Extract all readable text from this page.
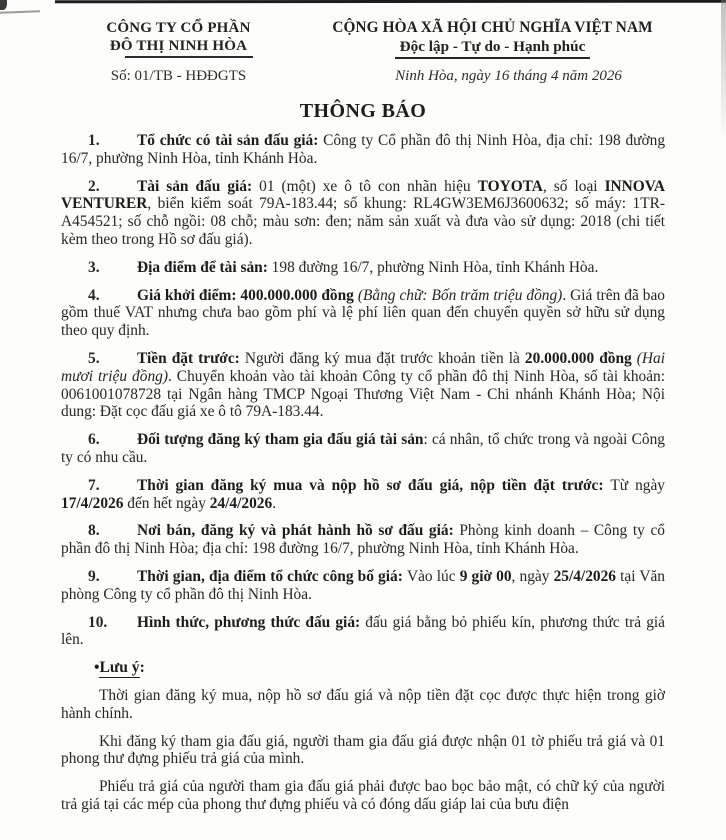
CÔNG TY CỔ PHẦN
ĐÔ THỊ NINH HÒA
Số: 01/TB - HĐĐGTS
CỘNG HÒA XÃ HỘI CHỦ NGHĨA VIỆT NAM
Độc lập - Tự do - Hạnh phúc
Ninh Hòa, ngày 16 tháng 4 năm 2026
THÔNG BÁO

1. Tổ chức có tài sản đấu giá: Công ty Cổ phần đô thị Ninh Hòa, địa chỉ: 198 đường 16/7, phường Ninh Hòa, tỉnh Khánh Hòa.

2. Tài sản đấu giá: 01 (một) xe ô tô con nhãn hiệu TOYOTA, số loại INNOVA VENTURER, biển kiểm soát 79A-183.44; số khung: RL4GW3EM6J3600632; số máy: 1TR-A454521; số chỗ ngồi: 08 chỗ; màu sơn: đen; năm sản xuất và đưa vào sử dụng: 2018 (chi tiết kèm theo trong Hồ sơ đấu giá).

3. Địa điểm để tài sản: 198 đường 16/7, phường Ninh Hòa, tỉnh Khánh Hòa.

4. Giá khởi điểm: 400.000.000 đồng (Bằng chữ: Bốn trăm triệu đồng). Giá trên đã bao gồm thuế VAT nhưng chưa bao gồm phí và lệ phí liên quan đến chuyển quyền sở hữu sử dụng theo quy định.

5. Tiền đặt trước: Người đăng ký mua đặt trước khoản tiền là 20.000.000 đồng (Hai mươi triệu đồng). Chuyển khoản vào tài khoản Công ty cổ phần đô thị Ninh Hòa, số tài khoản: 0061001078728 tại Ngân hàng TMCP Ngoại Thương Việt Nam - Chi nhánh Khánh Hòa; Nội dung: Đặt cọc đấu giá xe ô tô 79A-183.44.

6. Đối tượng đăng ký tham gia đấu giá tài sản: cá nhân, tổ chức trong và ngoài Công ty có nhu cầu.

7. Thời gian đăng ký mua và nộp hồ sơ đấu giá, nộp tiền đặt trước: Từ ngày 17/4/2026 đến hết ngày 24/4/2026.

8. Nơi bán, đăng ký và phát hành hồ sơ đấu giá: Phòng kinh doanh – Công ty cổ phần đô thị Ninh Hòa; địa chỉ: 198 đường 16/7, phường Ninh Hòa, tỉnh Khánh Hòa.

9. Thời gian, địa điểm tổ chức công bố giá: Vào lúc 9 giờ 00, ngày 25/4/2026 tại Văn phòng Công ty cổ phần đô thị Ninh Hòa.

10. Hình thức, phương thức đấu giá: đấu giá bằng bỏ phiếu kín, phương thức trả giá lên.

•Lưu ý:

Thời gian đăng ký mua, nộp hồ sơ đấu giá và nộp tiền đặt cọc được thực hiện trong giờ hành chính.

Khi đăng ký tham gia đấu giá, người tham gia đấu giá được nhận 01 tờ phiếu trả giá và 01 phong thư đựng phiếu trả giá của mình.

Phiếu trả giá của người tham gia đấu giá phải được bao bọc bảo mật, có chữ ký của người trả giá tại các mép của phong thư đựng phiếu và có đóng dấu giáp lai của bưu điện
